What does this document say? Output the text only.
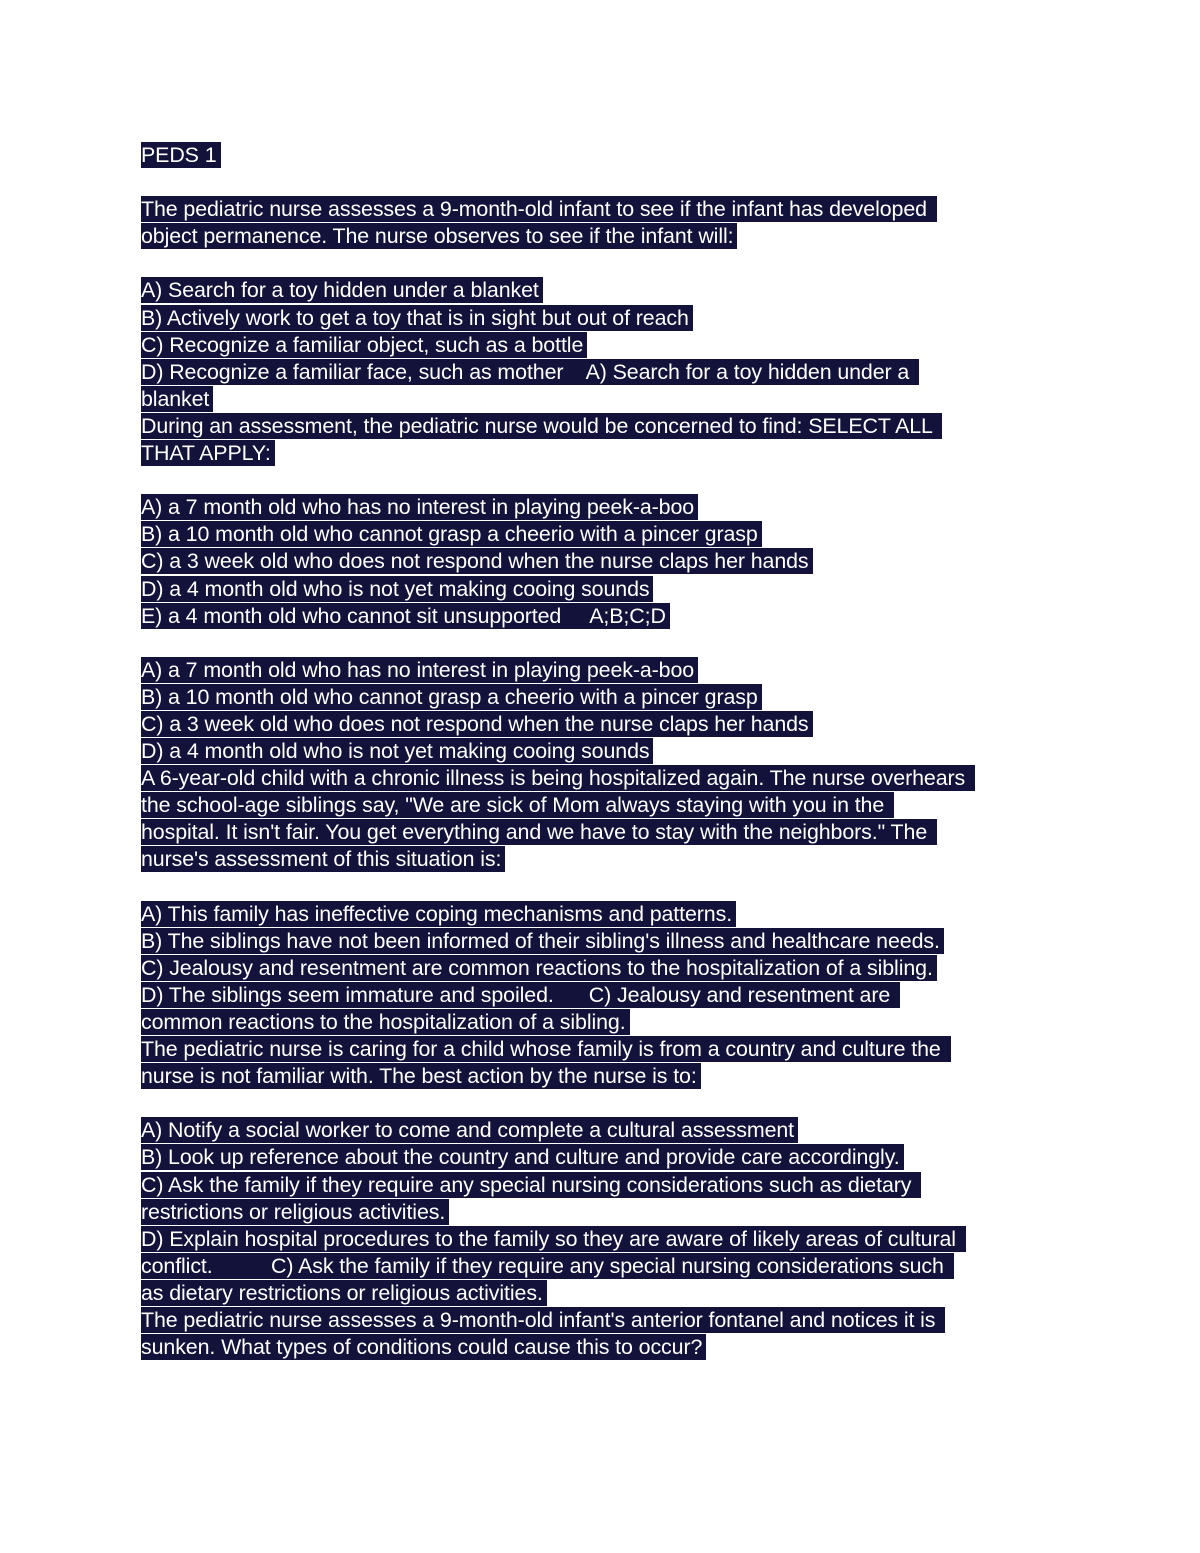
PEDS 1
The pediatric nurse assesses a 9-month-old infant to see if the infant has developed
object permanence. The nurse observes to see if the infant will:
A) Search for a toy hidden under a blanket
B) Actively work to get a toy that is in sight but out of reach
C) Recognize a familiar object, such as a bottle
D) Recognize a familiar face, such as mother    A) Search for a toy hidden under a
blanket
During an assessment, the pediatric nurse would be concerned to find: SELECT ALL
THAT APPLY:
A) a 7 month old who has no interest in playing peek-a-boo
B) a 10 month old who cannot grasp a cheerio with a pincer grasp
C) a 3 week old who does not respond when the nurse claps her hands
D) a 4 month old who is not yet making cooing sounds
E) a 4 month old who cannot sit unsupported     A;B;C;D
A) a 7 month old who has no interest in playing peek-a-boo
B) a 10 month old who cannot grasp a cheerio with a pincer grasp
C) a 3 week old who does not respond when the nurse claps her hands
D) a 4 month old who is not yet making cooing sounds
A 6-year-old child with a chronic illness is being hospitalized again. The nurse overhears
the school-age siblings say, "We are sick of Mom always staying with you in the
hospital. It isn't fair. You get everything and we have to stay with the neighbors." The
nurse's assessment of this situation is:
A) This family has ineffective coping mechanisms and patterns.
B) The siblings have not been informed of their sibling's illness and healthcare needs.
C) Jealousy and resentment are common reactions to the hospitalization of a sibling.
D) The siblings seem immature and spoiled.      C) Jealousy and resentment are
common reactions to the hospitalization of a sibling.
The pediatric nurse is caring for a child whose family is from a country and culture the
nurse is not familiar with. The best action by the nurse is to:
A) Notify a social worker to come and complete a cultural assessment
B) Look up reference about the country and culture and provide care accordingly.
C) Ask the family if they require any special nursing considerations such as dietary
restrictions or religious activities.
D) Explain hospital procedures to the family so they are aware of likely areas of cultural
conflict.          C) Ask the family if they require any special nursing considerations such
as dietary restrictions or religious activities.
The pediatric nurse assesses a 9-month-old infant's anterior fontanel and notices it is
sunken. What types of conditions could cause this to occur?
